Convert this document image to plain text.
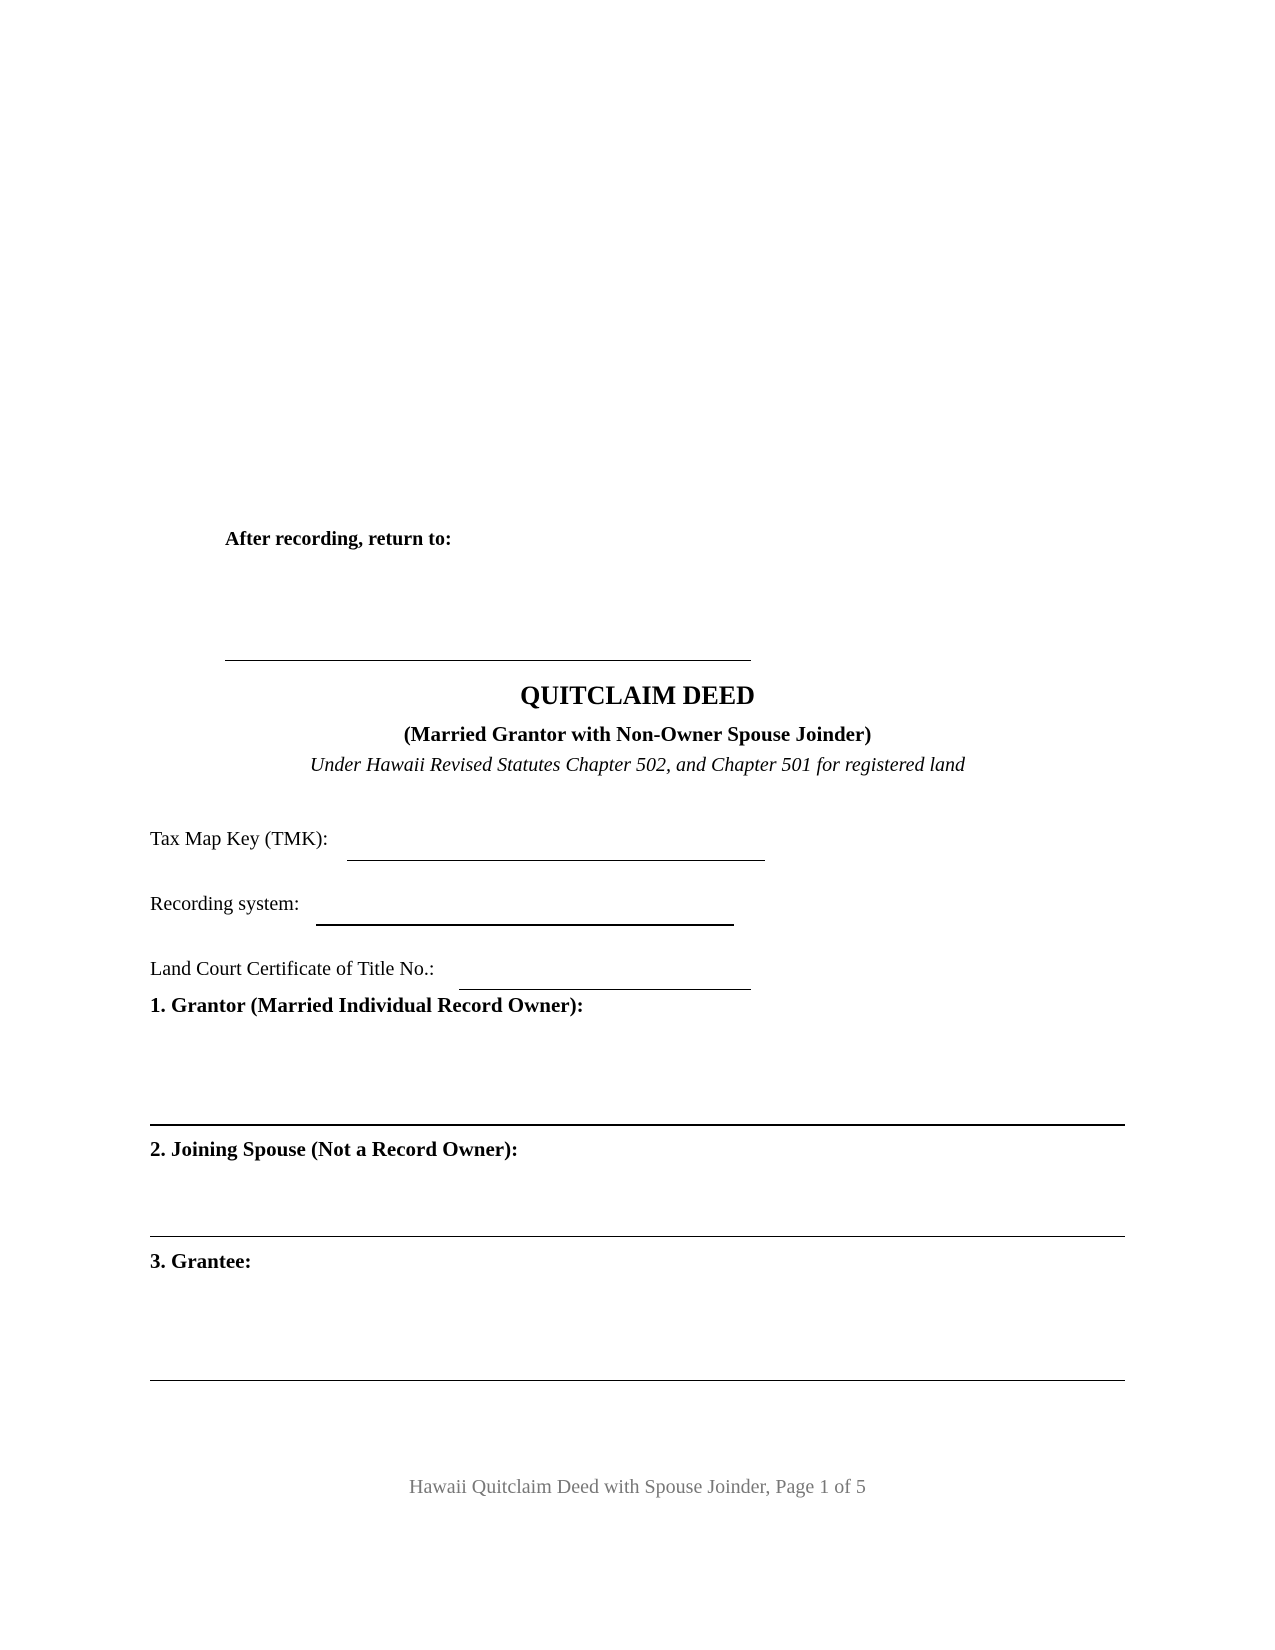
After recording, return to:
QUITCLAIM DEED
(Married Grantor with Non-Owner Spouse Joinder)
Under Hawaii Revised Statutes Chapter 502, and Chapter 501 for registered land
Tax Map Key (TMK):
Recording system:
Land Court Certificate of Title No.:
1. Grantor (Married Individual Record Owner):
2. Joining Spouse (Not a Record Owner):
3. Grantee:
Hawaii Quitclaim Deed with Spouse Joinder, Page 1 of 5
